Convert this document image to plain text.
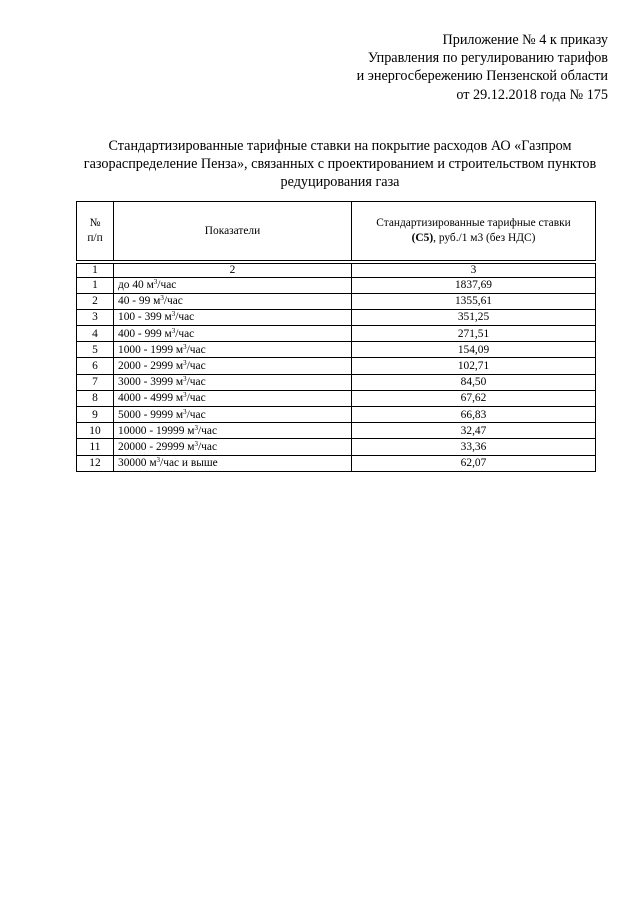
Приложение № 4 к приказу
Управления по регулированию тарифов
и энергосбережению Пензенской области
от 29.12.2018 года № 175
Стандартизированные тарифные ставки на покрытие расходов АО «Газпром
газораспределение Пенза», связанных с проектированием и строительством пунктов
редуцирования газа
№
п/п	Показатели	Стандартизированные тарифные ставки
(С5), руб./1 м3 (без НДС)
1	2	3
1	до 40 $м^3$/час	1837,69
2	40 - 99 $м^3$/час	1355,61
3	100 - 399 $м^3$/час	351,25
4	400 - 999 $м^3$/час	271,51
5	1000 - 1999 $м^3$/час	154,09
6	2000 - 2999 $м^3$/час	102,71
7	3000 - 3999 $м^3$/час	84,50
8	4000 - 4999 $м^3$/час	67,62
9	5000 - 9999 $м^3$/час	66,83
10	10000 - 19999 $м^3$/час	32,47
11	20000 - 29999 $м^3$/час	33,36
12	30000 $м^3$/час и выше	62,07
